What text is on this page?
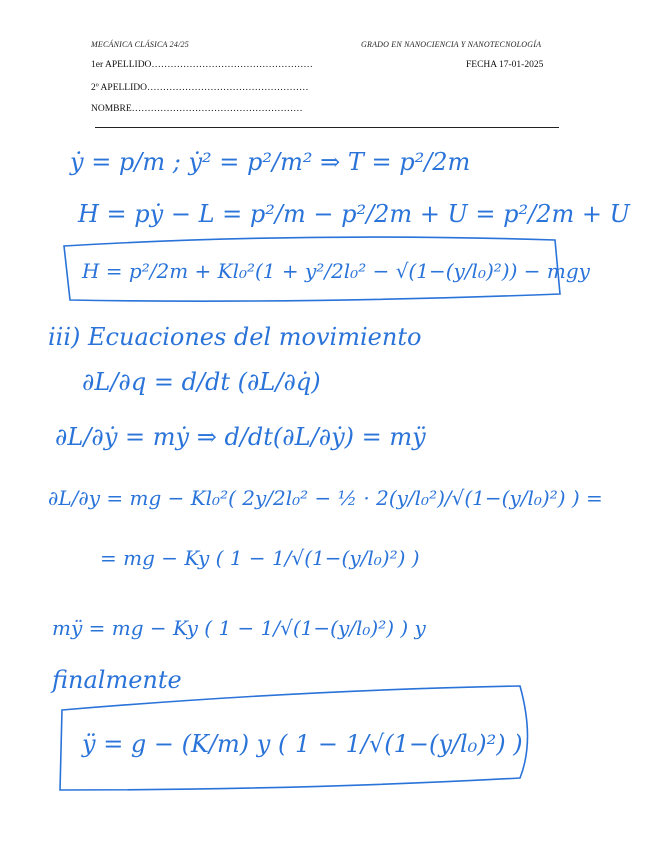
MECÁNICA CLÁSICA 24/25	GRADO EN NANOCIENCIA Y NANOTECNOLOGÍA
1er APELLIDO……………………………………………	FECHA 17-01-2025
2º APELLIDO……………………………………………
NOMBRE………………………………………………
ẏ = p/m ; ẏ² = p²/m² ⇒ T = p²/2m
H = pẏ − L = p²/m − p²/2m + U = p²/2m + U
H = p²/2m + Kl₀²(1 + y²/2l₀² − √(1−(y/l₀)²)) − mgy
iii) Ecuaciones del movimiento
∂L/∂q = d/dt (∂L/∂q̇)
∂L/∂ẏ = mẏ ⇒ d/dt(∂L/∂ẏ) = mÿ
∂L/∂y = mg − Kl₀²( 2y/2l₀² − ½ · 2(y/l₀²)/√(1−(y/l₀)²) ) =
= mg − Ky ( 1 − 1/√(1−(y/l₀)²) )
mÿ = mg − Ky ( 1 − 1/√(1−(y/l₀)²) ) y
finalmente
ÿ = g − (K/m) y ( 1 − 1/√(1−(y/l₀)²) )
